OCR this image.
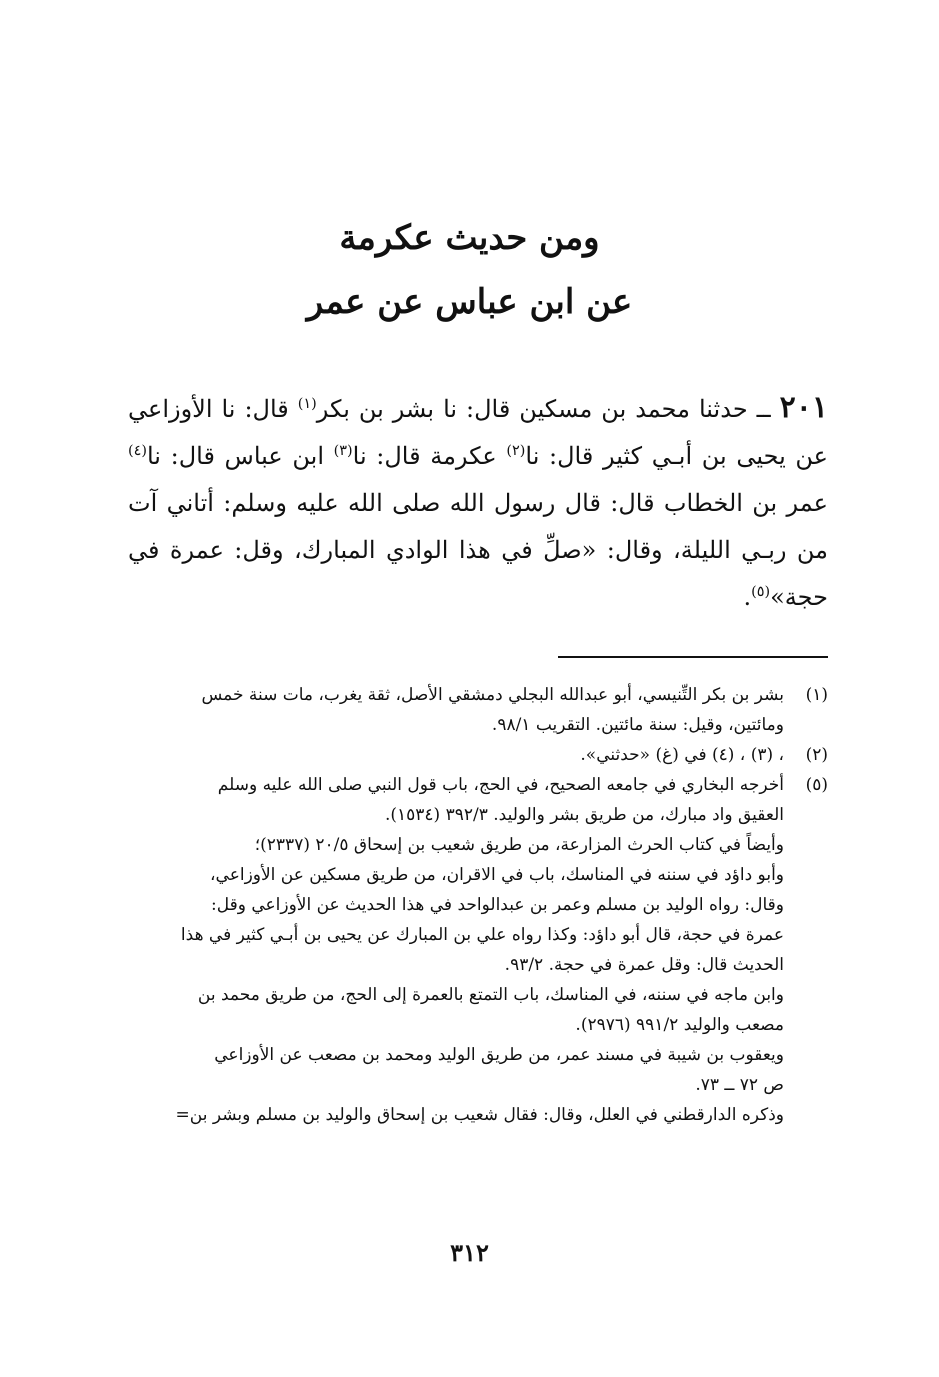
ومن حديث عكرمة
عن ابن عباس عن عمر
٢٠١ ــ حدثنا محمد بن مسكين قال: نا بشر بن بكر$^{(١)}$ قال: نا الأوزاعي عن يحيى بن أبـي كثير قال: نا$^{(٢)}$ عكرمة قال: نا$^{(٣)}$ ابن عباس قال: نا$^{(٤)}$ عمر بن الخطاب قال: قال رسول الله صلى الله عليه وسلم: أتاني آت من ربـي الليلة، وقال: «صلِّ في هذا الوادي المبارك، وقل: عمرة في حجة»$^{(٥)}$.
(١)
بشر بن بكر التِّنيسي، أبو عبدالله البجلي دمشقي الأصل، ثقة يغرب، مات سنة خمس
ومائتين، وقيل: سنة مائتين. التقريب ٩٨/١.
(٢)
، (٣) ، (٤) في (غ) «حدثني».
(٥)
أخرجه البخاري في جامعه الصحيح، في الحج، باب قول النبي صلى الله عليه وسلم
العقيق واد مبارك، من طريق بشر والوليد. ٣٩٢/٣ (١٥٣٤).
وأيضاً في كتاب الحرث المزارعة، من طريق شعيب بن إسحاق ٢٠/٥ (٢٣٣٧)؛
وأبو داؤد في سننه في المناسك، باب في الاقران، من طريق مسكين عن الأوزاعي،
وقال: رواه الوليد بن مسلم وعمر بن عبدالواحد في هذا الحديث عن الأوزاعي وقل:
عمرة في حجة، قال أبو داؤد: وكذا رواه علي بن المبارك عن يحيى بن أبـي كثير في هذا
الحديث قال: وقل عمرة في حجة. ٩٣/٢.
وابن ماجه في سننه، في المناسك، باب التمتع بالعمرة إلى الحج، من طريق محمد بن
مصعب والوليد ٩٩١/٢ (٢٩٧٦).
ويعقوب بن شيبة في مسند عمر، من طريق الوليد ومحمد بن مصعب عن الأوزاعي
ص ٧٢ ــ ٧٣.
وذكره الدارقطني في العلل، وقال: فقال شعيب بن إسحاق والوليد بن مسلم وبشر بن=
٣١٢
